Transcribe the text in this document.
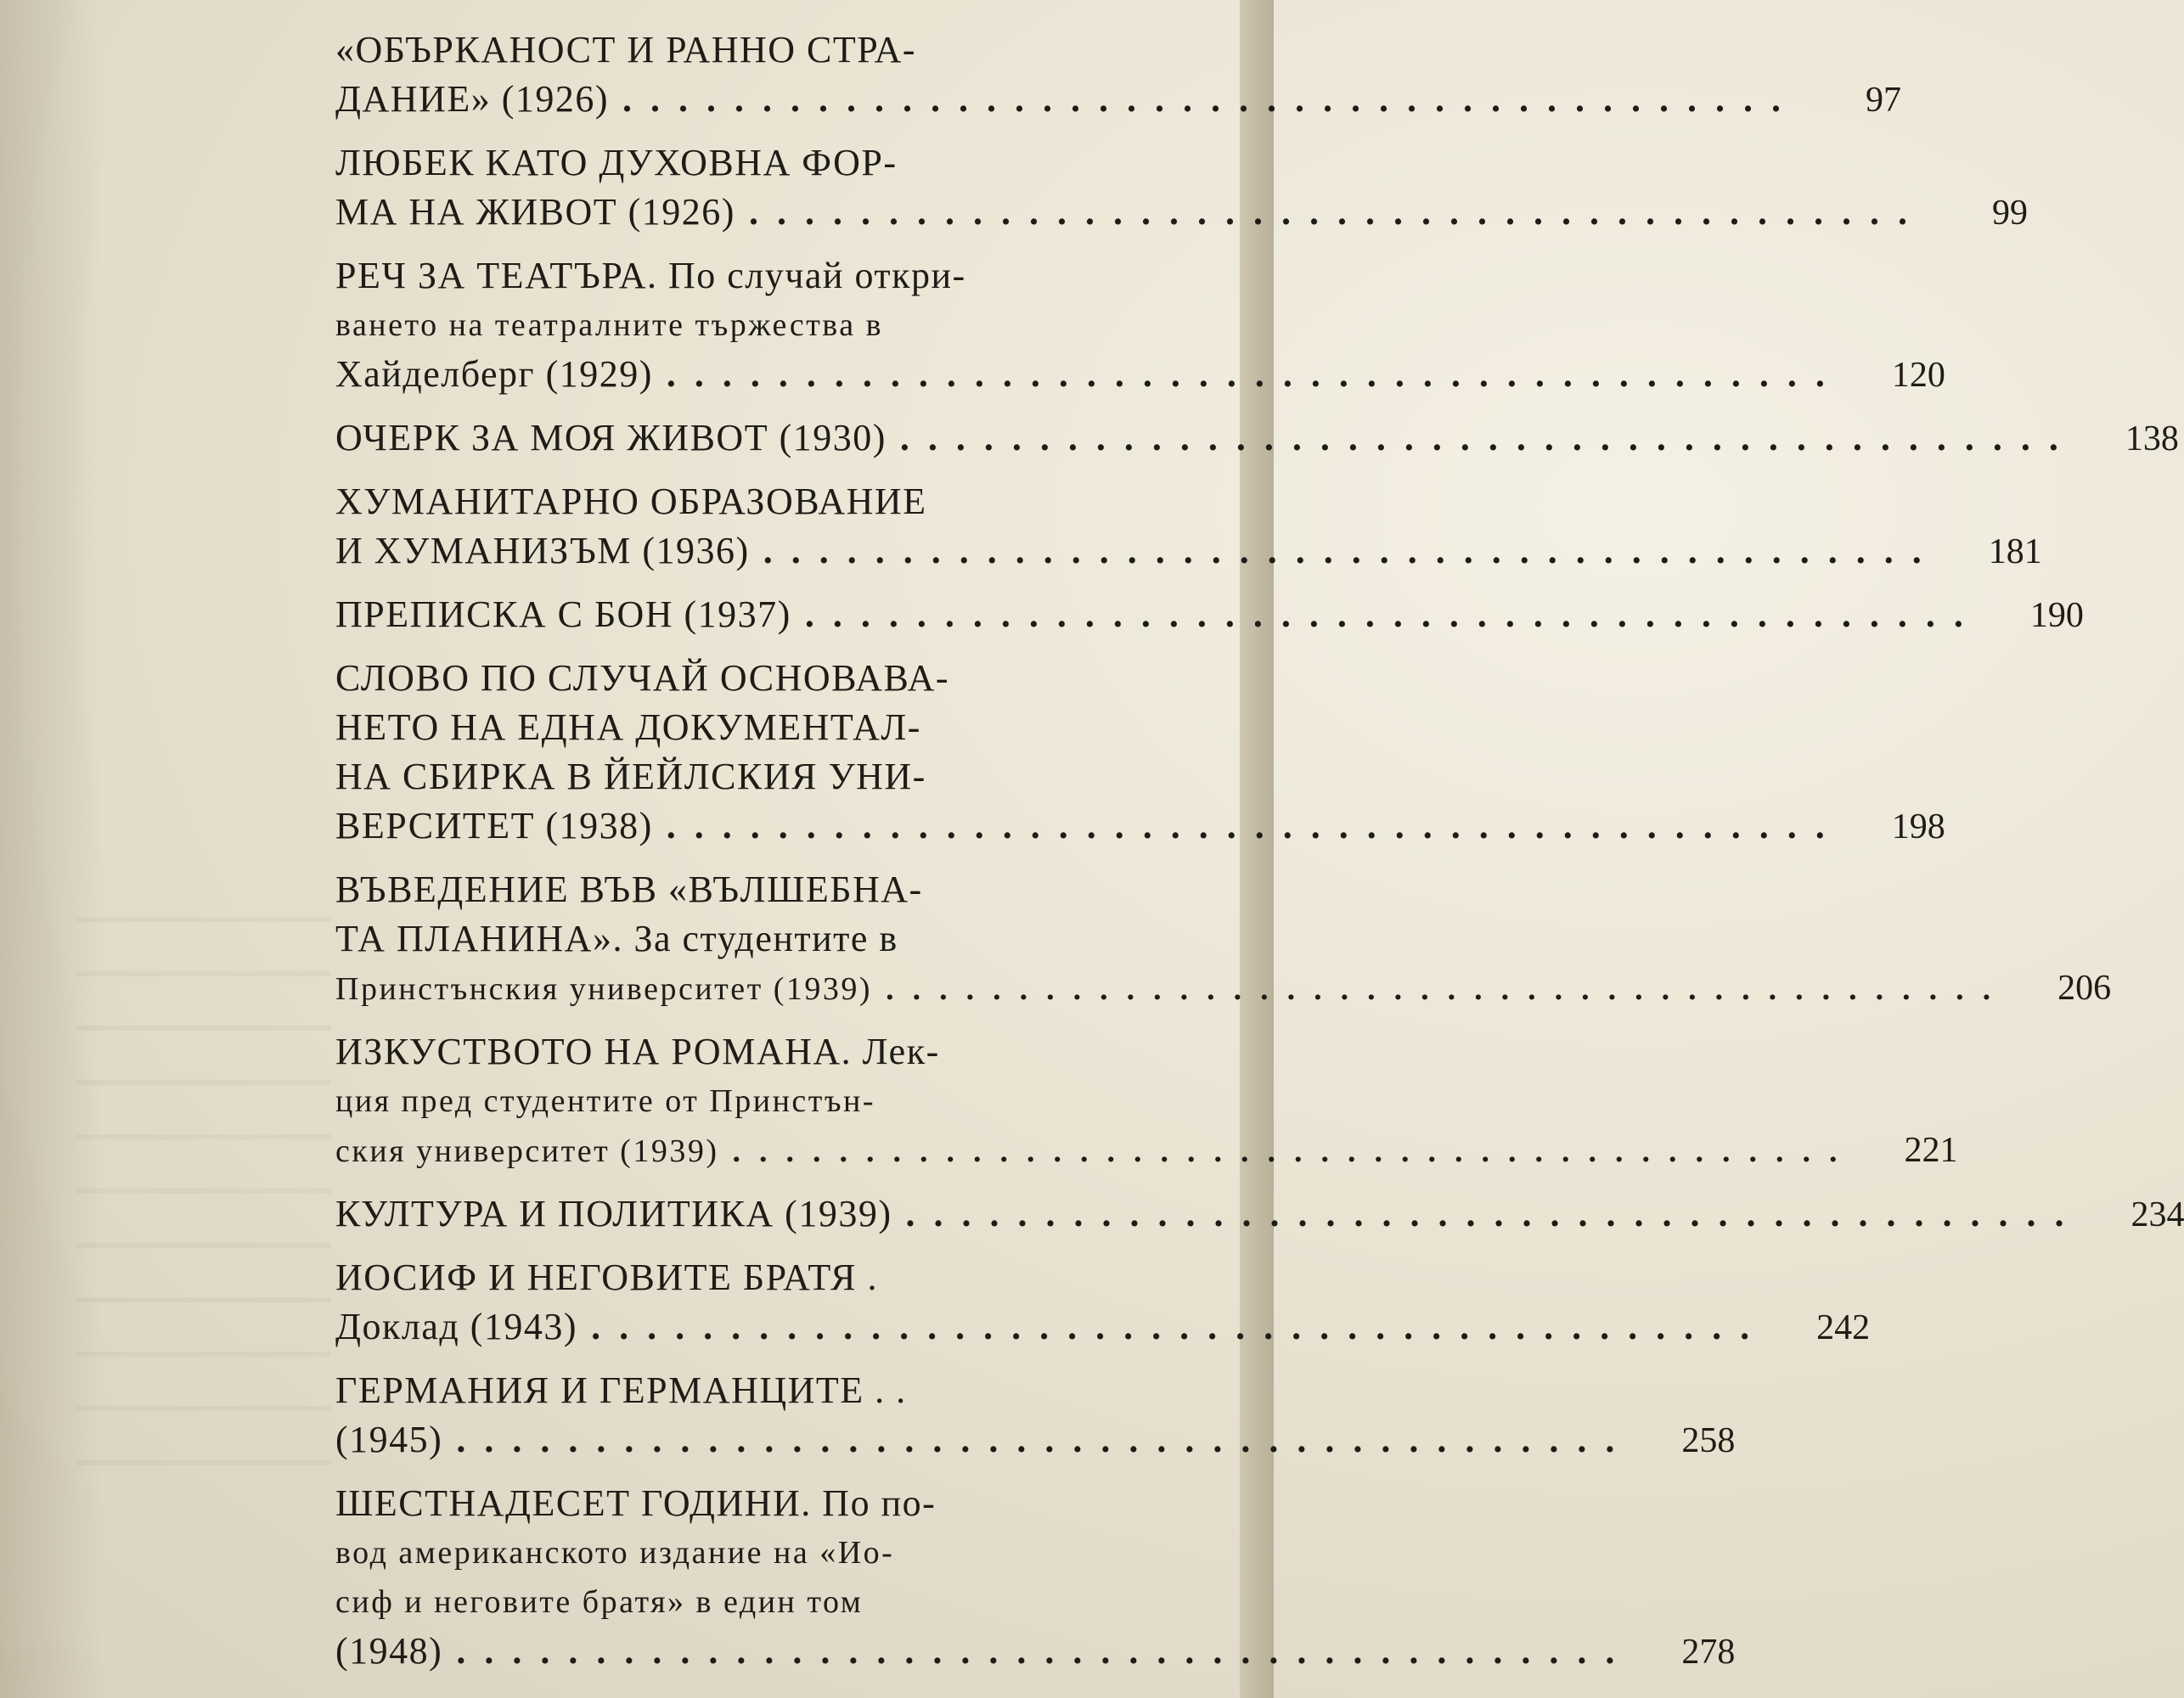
«ОБЪРКАНОСТ И РАННО СТРА-
ДАНИЕ» (1926) ..........................................	97
ЛЮБЕК КАТО ДУХОВНА ФОР-
МА НА ЖИВОТ (1926) ..........................................	99
РЕЧ ЗА ТЕАТЪРА. По случай откри-
ването на театралните тържества в
Хайделберг (1929) ..........................................	120
ОЧЕРК ЗА МОЯ ЖИВОТ (1930) ..........................................	138
ХУМАНИТАРНО ОБРАЗОВАНИЕ
И ХУМАНИЗЪМ (1936) ..........................................	181
ПРЕПИСКА С БОН (1937) ..........................................	190
СЛОВО ПО СЛУЧАЙ ОСНОВАВА-
НЕТО НА ЕДНА ДОКУМЕНТАЛ-
НА СБИРКА В ЙЕЙЛСКИЯ УНИ-
ВЕРСИТЕТ (1938) ..........................................	198
ВЪВЕДЕНИЕ ВЪВ «ВЪЛШЕБНА-
ТА ПЛАНИНА». За студентите в
Принстънския университет (1939) ..........................................	206
ИЗКУСТВОТО НА РОМАНА. Лек-
ция пред студентите от Принстън-
ския университет (1939) ..........................................	221
КУЛТУРА И ПОЛИТИКА (1939) ..........................................	234
ИОСИФ И НЕГОВИТЕ БРАТЯ .
Доклад (1943) ..........................................	242
ГЕРМАНИЯ И ГЕРМАНЦИТЕ . .
(1945) ..........................................	258
ШЕСТНАДЕСЕТ ГОДИНИ. По по-
вод американското издание на «Ио-
сиф и неговите братя» в един том
(1948) ..........................................	278
